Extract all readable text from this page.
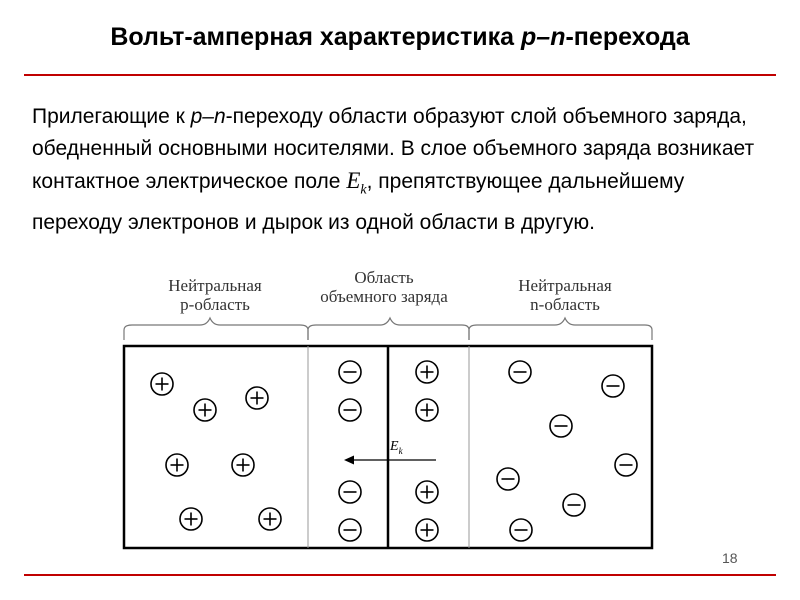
Вольт-амперная характеристика p–n-перехода
Прилегающие к p–n-переходу области образуют слой объемного заряда, обедненный основными носителями. В слое объемного заряда возникает контактное электрическое поле $E_k$, препятствующее дальнейшему переходу электронов и дырок из одной области в другую.
Нейтральная
p-область
Область
объемного заряда
Нейтральная
n-область
$E_k$
18
